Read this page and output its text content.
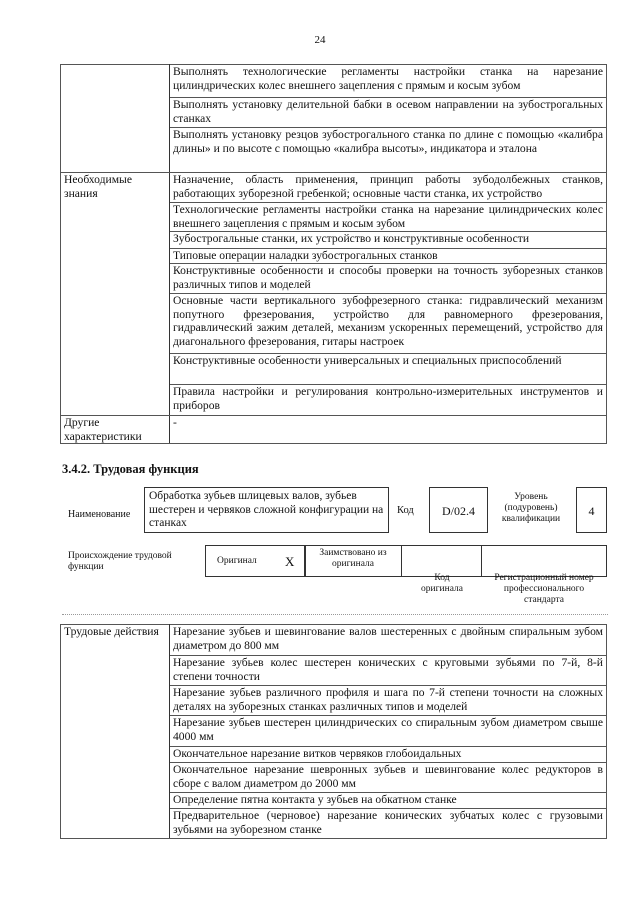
24
	Выполнять технологические регламенты настройки станка на нарезание цилиндрических колес внешнего зацепления с прямым и косым зубом
	Выполнять установку делительной бабки в осевом направлении на зубострогальных станках
	Выполнять установку резцов зубострогального станка по длине с помощью «калибра длины» и по высоте с помощью «калибра высоты», индикатора и эталона
Необходимые знания	Назначение, область применения, принцип работы зубодолбежных станков, работающих зуборезной гребенкой; основные части станка, их устройство
	Технологические регламенты настройки станка на нарезание цилиндрических колес внешнего зацепления с прямым и косым зубом
	Зубострогальные станки, их устройство и конструктивные особенности
	Типовые операции наладки зубострогальных станков
	Конструктивные особенности и способы проверки на точность зуборезных станков различных типов и моделей
	Основные части вертикального зубофрезерного станка: гидравлический механизм попутного фрезерования, устройство для равномерного фрезерования, гидравлический зажим деталей, механизм ускоренных перемещений, устройство для диагонального фрезерования, гитары настроек
	Конструктивные особенности универсальных и специальных приспособлений
	Правила настройки и регулирования контрольно-измерительных инструментов и приборов
Другие характеристики	-
3.4.2. Трудовая функция
Наименование
Обработка зубьев шлицевых валов, зубьев шестерен и червяков сложной конфигурации на станках
Код	D/02.4
Уровень (подуровень) квалификации
4
Происхождение трудовой функции
Оригинал X
Заимствовано из оригинала
Код оригинала
Регистрационный номер профессионального стандарта
Трудовые действия	Нарезание зубьев и шевингование валов шестеренных с двойным спиральным зубом диаметром до 800 мм
Нарезание зубьев колес шестерен конических с круговыми зубьями по 7-й, 8-й степени точности
Нарезание зубьев различного профиля и шага по 7-й степени точности на сложных деталях на зуборезных станках различных типов и моделей
Нарезание зубьев шестерен цилиндрических со спиральным зубом диаметром свыше 4000 мм
Окончательное нарезание витков червяков глобоидальных
Окончательное нарезание шевронных зубьев и шевингование колес редукторов в сборе с валом диаметром до 2000 мм
Определение пятна контакта у зубьев на обкатном станке
Предварительное (черновое) нарезание конических зубчатых колес с грузовыми зубьями на зуборезном станке
